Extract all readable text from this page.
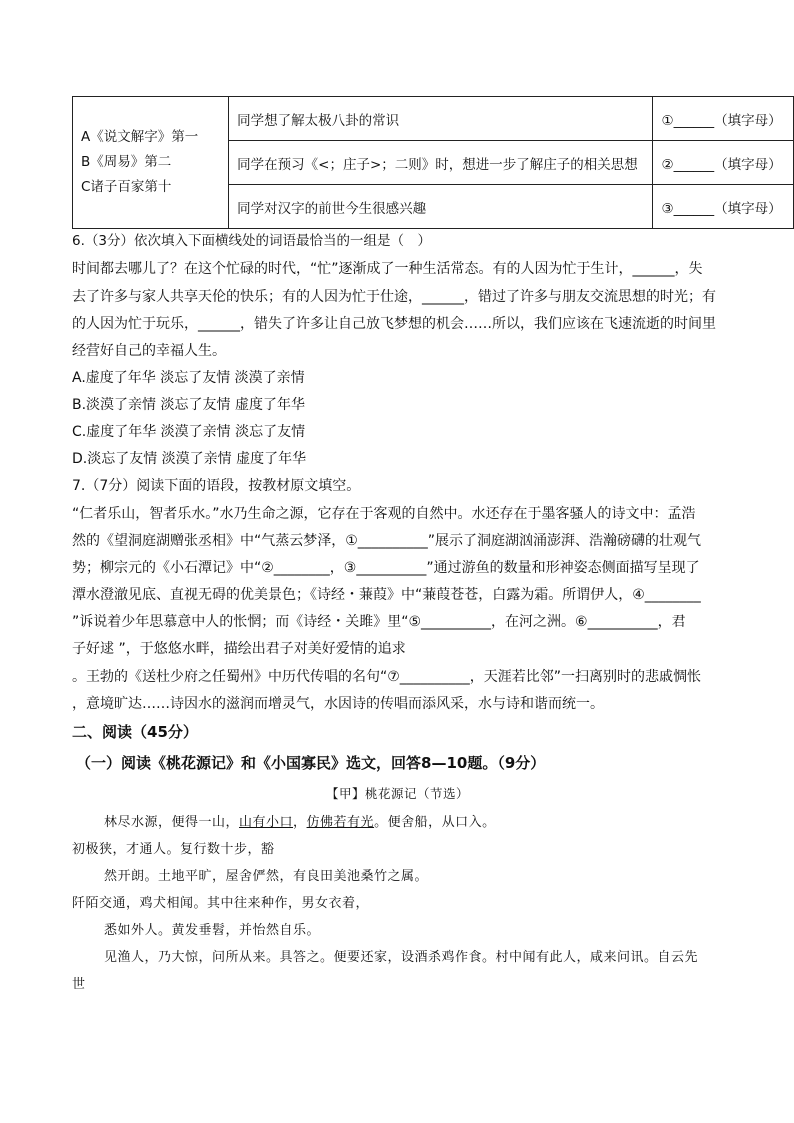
A《说文解字》第一
B《周易》第二
C诸子百家第十	同学想了解太极八卦的常识	①______（填字母）
	同学在预习《<；庄子>；二则》时，想进一步了解庄子的相关思想	②______（填字母）
	同学对汉字的前世今生很感兴趣	③______（填字母）
6.（3分）依次填入下面横线处的词语最恰当的一组是（　）
时间都去哪儿了？在这个忙碌的时代，“忙”逐渐成了一种生活常态。有的人因为忙于生计，______，失
去了许多与家人共享天伦的快乐；有的人因为忙于仕途，______，错过了许多与朋友交流思想的时光；有
的人因为忙于玩乐，______，错失了许多让自己放飞梦想的机会……所以，我们应该在飞速流逝的时间里
经营好自己的幸福人生。
A.虚度了年华 淡忘了友情 淡漠了亲情
B.淡漠了亲情 淡忘了友情 虚度了年华
C.虚度了年华 淡漠了亲情 淡忘了友情
D.淡忘了友情 淡漠了亲情 虚度了年华
7.（7分）阅读下面的语段，按教材原文填空。
“仁者乐山，智者乐水。”水乃生命之源，它存在于客观的自然中。水还存在于墨客骚人的诗文中：孟浩
然的《望洞庭湖赠张丞相》中“气蒸云梦泽，①__________”展示了洞庭湖汹涌澎湃、浩瀚磅礴的壮观气
势；柳宗元的《小石潭记》中“②________，③__________”通过游鱼的数量和形神姿态侧面描写呈现了
潭水澄澈见底、直视无碍的优美景色；《诗经・蒹葭》中“蒹葭苍苍，白露为霜。所谓伊人，④________
”诉说着少年思慕意中人的怅惘；而《诗经・关雎》里“⑤__________，在河之洲。⑥__________，君
子好逑 ”，于悠悠水畔，描绘出君子对美好爱情的追求
。王勃的《送杜少府之任蜀州》中历代传唱的名句“⑦__________，天涯若比邻”一扫离别时的悲戚惆怅
，意境旷达……诗因水的滋润而增灵气，水因诗的传唱而添风采，水与诗和谐而统一。
二、阅读（45分）
（一）阅读《桃花源记》和《小国寡民》选文，回答8—10题。（9分）
【甲】桃花源记（节选）
林尽水源，便得一山，山有小口，仿佛若有光。便舍船，从口入。
初极狭，才通人。复行数十步，豁
然开朗。土地平旷，屋舍俨然，有良田美池桑竹之属。
阡陌交通，鸡犬相闻。其中往来种作，男女衣着，
悉如外人。黄发垂髫，并怡然自乐。
见渔人，乃大惊，问所从来。具答之。便要还家，设酒杀鸡作食。村中闻有此人，咸来问讯。自云先
世
